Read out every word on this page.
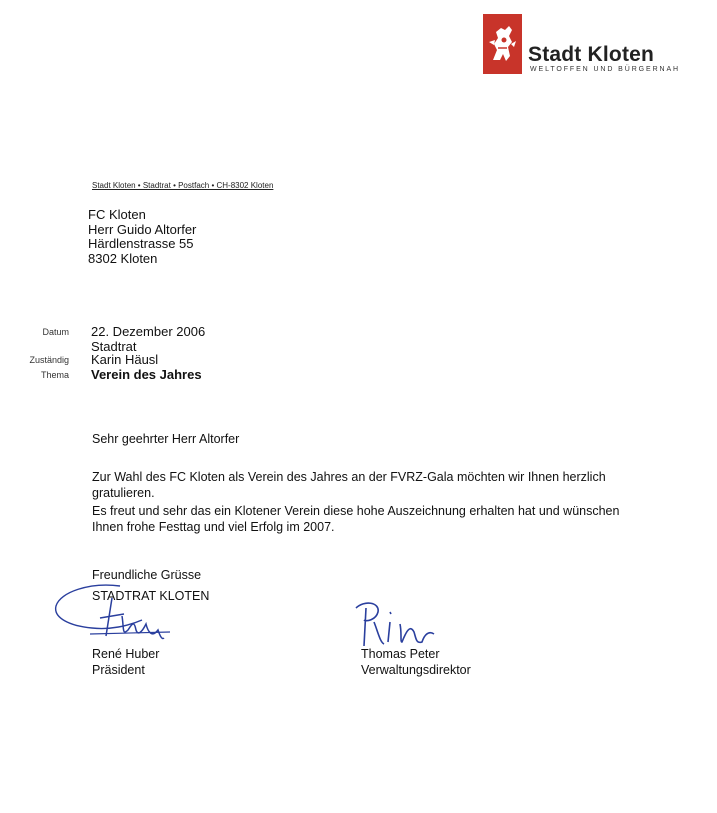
Stadt Kloten
WELTOFFEN UND BÜRGERNAH
Stadt Kloten • Stadtrat • Postfach • CH-8302 Kloten
FC Kloten
Herr Guido Altorfer
Härdlenstrasse 55
8302 Kloten
Datum 22. Dezember 2006
Stadtrat
Zuständig Karin Häusl
Thema Verein des Jahres
Sehr geehrter Herr Altorfer
Zur Wahl des FC Kloten als Verein des Jahres an der FVRZ-Gala möchten wir Ihnen herzlich
gratulieren.
Es freut und sehr das ein Klotener Verein diese hohe Auszeichnung erhalten hat und wünschen
Ihnen frohe Festtag und viel Erfolg im 2007.
Freundliche Grüsse
STADTRAT KLOTEN
René Huber
Präsident
Thomas Peter
Verwaltungsdirektor
